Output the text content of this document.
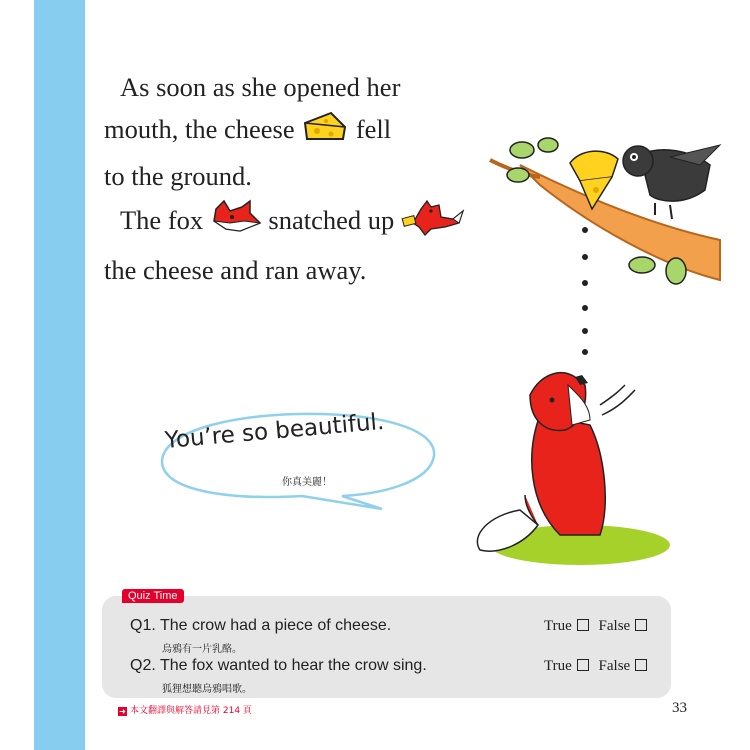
As soon as she opened her
mouth, the cheese fell
to the ground.
The fox snatched up
the cheese and ran away.
You’re so beautiful.
你真美麗！
Quiz Time
Q1. The crow had a piece of cheese.
烏鴉有一片乳酪。
True False
Q2. The fox wanted to hear the crow sing.
狐狸想聽烏鴉唱歌。
True False
➜ 本文翻譯與解答請見第 214 頁	33
